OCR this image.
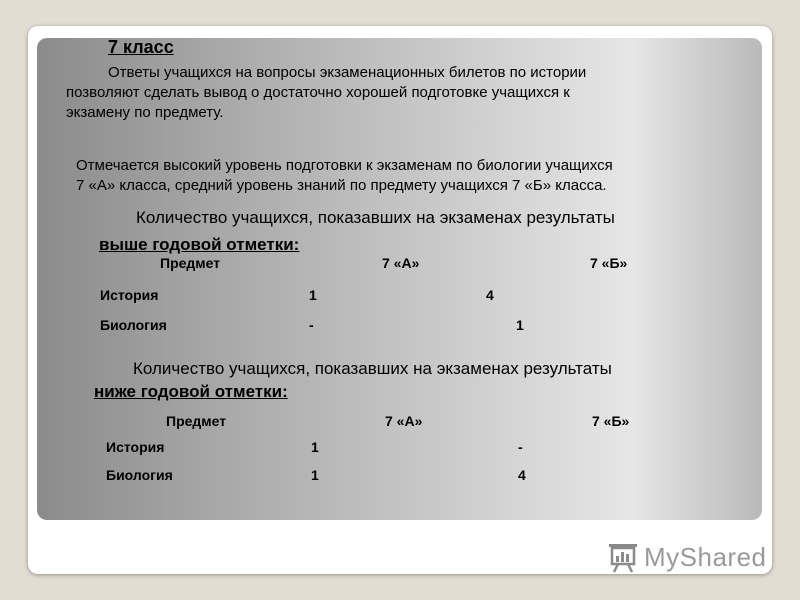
7 класс
Ответы учащихся на вопросы экзаменационных билетов по истории
позволяют сделать вывод о достаточно хорошей подготовке учащихся к
экзамену по предмету.
Отмечается высокий уровень подготовки к экзаменам по биологии учащихся
7 «А» класса, средний уровень знаний по предмету учащихся 7 «Б» класса.
Количество учащихся, показавших на экзаменах результаты
выше годовой отметки:
Предмет	7 «А»	7 «Б»
История	1	4
Биология	-	1
Количество учащихся, показавших на экзаменах результаты
ниже годовой отметки:
Предмет	7 «А»	7 «Б»
История	1	-
Биология	1	4
MyShared
